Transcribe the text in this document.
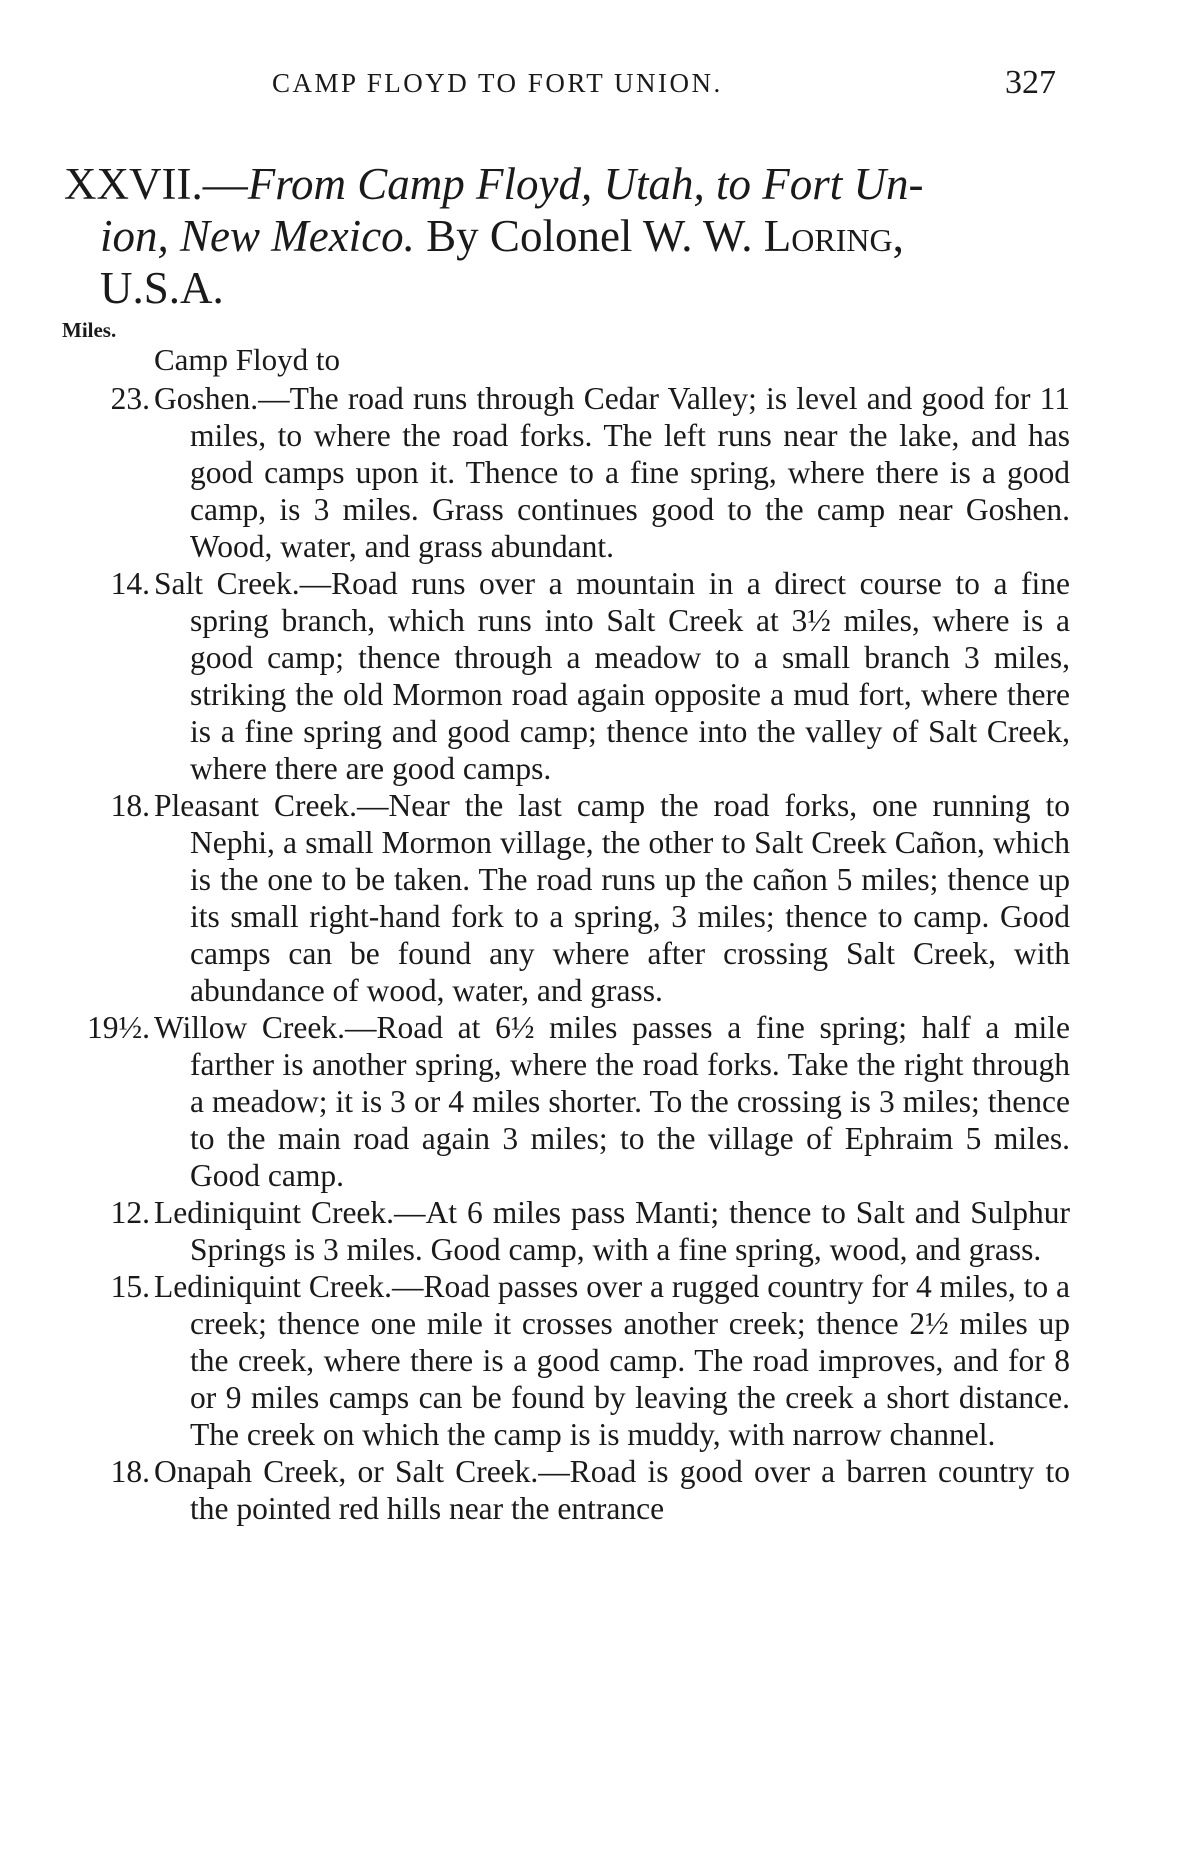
CAMP FLOYD TO FORT UNION.	327
XXVII.—From Camp Floyd, Utah, to Fort Un-
ion, New Mexico. By Colonel W. W. Loring,
U.S.A.
Miles.
Camp Floyd to
23. Goshen.—The road runs through Cedar Valley; is level and good for 11 miles, to where the road forks. The left runs near the lake, and has good camps upon it. Thence to a fine spring, where there is a good camp, is 3 miles. Grass continues good to the camp near Goshen. Wood, water, and grass abundant.
14. Salt Creek.—Road runs over a mountain in a direct course to a fine spring branch, which runs into Salt Creek at 3½ miles, where is a good camp; thence through a meadow to a small branch 3 miles, striking the old Mormon road again opposite a mud fort, where there is a fine spring and good camp; thence into the valley of Salt Creek, where there are good camps.
18. Pleasant Creek.—Near the last camp the road forks, one running to Nephi, a small Mormon village, the other to Salt Creek Cañon, which is the one to be taken. The road runs up the cañon 5 miles; thence up its small right-hand fork to a spring, 3 miles; thence to camp. Good camps can be found any where after crossing Salt Creek, with abundance of wood, water, and grass.
19½. Willow Creek.—Road at 6½ miles passes a fine spring; half a mile farther is another spring, where the road forks. Take the right through a meadow; it is 3 or 4 miles shorter. To the crossing is 3 miles; thence to the main road again 3 miles; to the village of Ephraim 5 miles. Good camp.
12. Lediniquint Creek.—At 6 miles pass Manti; thence to Salt and Sulphur Springs is 3 miles. Good camp, with a fine spring, wood, and grass.
15. Lediniquint Creek.—Road passes over a rugged country for 4 miles, to a creek; thence one mile it crosses another creek; thence 2½ miles up the creek, where there is a good camp. The road improves, and for 8 or 9 miles camps can be found by leaving the creek a short distance. The creek on which the camp is is muddy, with narrow channel.
18. Onapah Creek, or Salt Creek.—Road is good over a barren country to the pointed red hills near the entrance
